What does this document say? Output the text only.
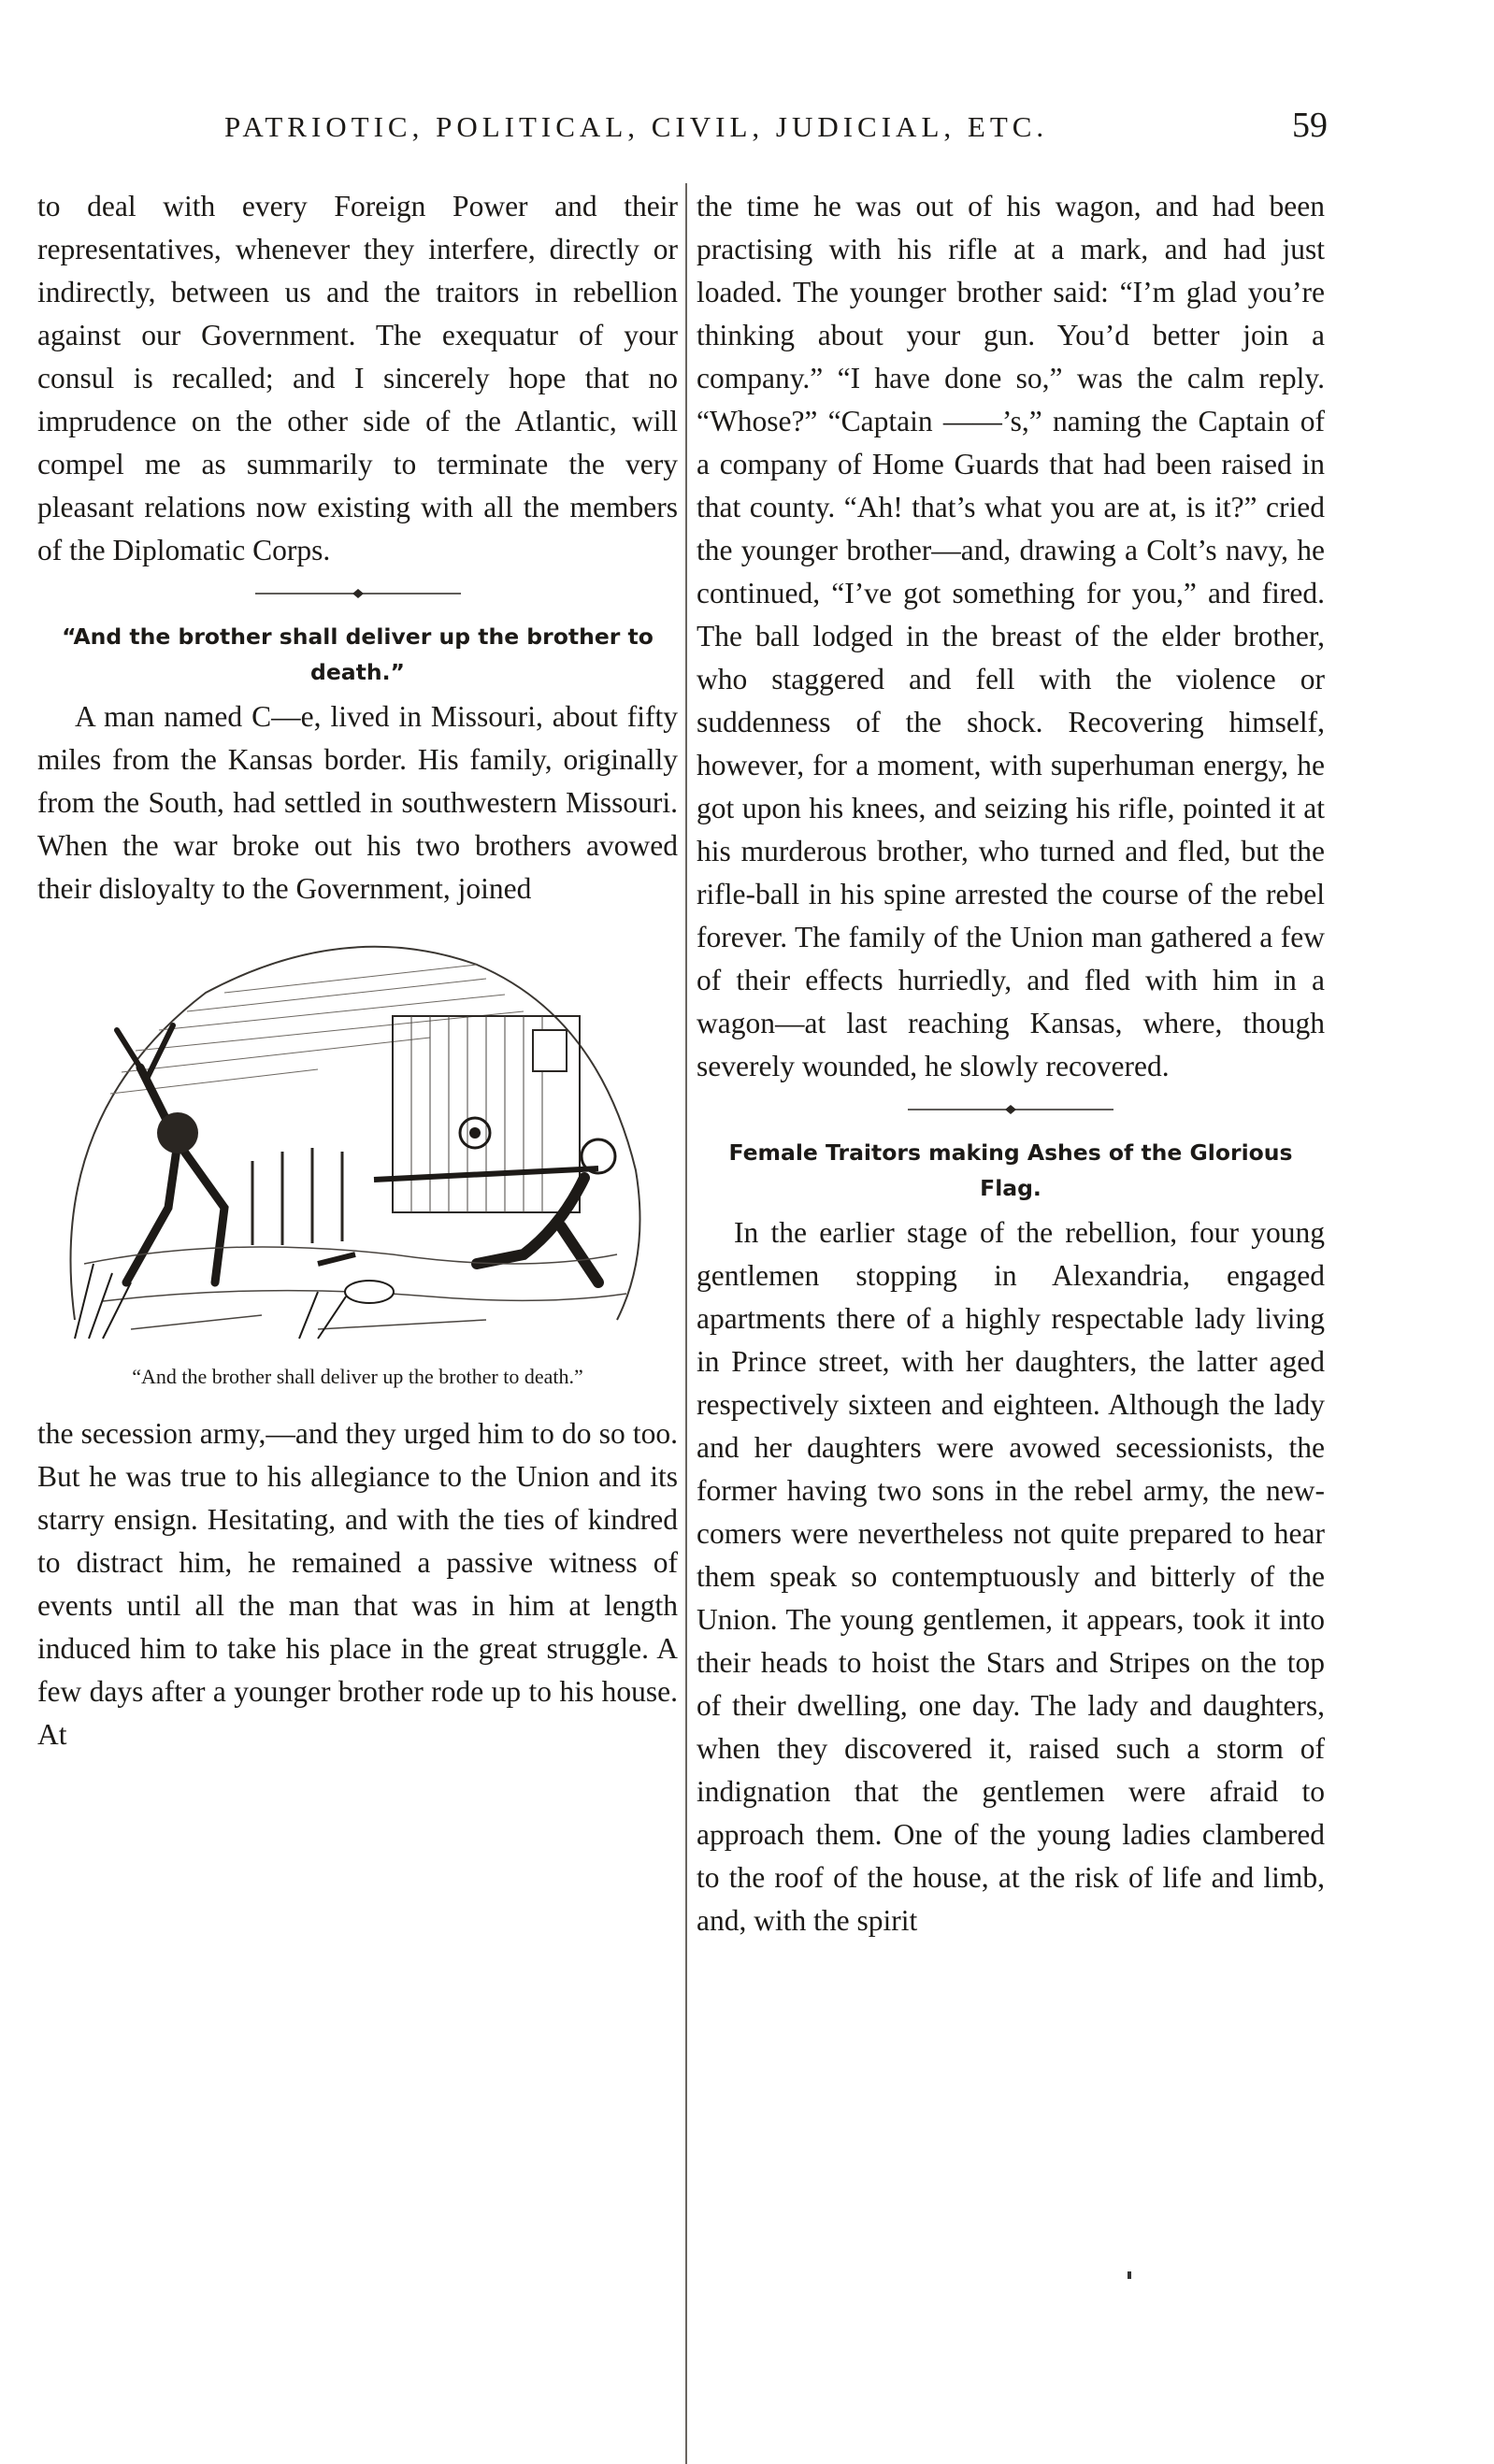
PATRIOTIC, POLITICAL, CIVIL, JUDICIAL, ETC.	59

to deal with every Foreign Power and their representatives, whenever they interfere, directly or indirectly, between us and the traitors in rebellion against our Government. The exequatur of your consul is recalled; and I sincerely hope that no imprudence on the other side of the Atlantic, will compel me as summarily to terminate the very pleasant relations now existing with all the members of the Diplomatic Corps.

“And the brother shall deliver up the brother to death.”

A man named C—e, lived in Missouri, about fifty miles from the Kansas border. His family, originally from the South, had settled in southwestern Missouri. When the war broke out his two brothers avowed their disloyalty to the Government, joined

“And the brother shall deliver up the brother to death.”

the secession army,—and they urged him to do so too. But he was true to his allegiance to the Union and its starry ensign. Hesitating, and with the ties of kindred to distract him, he remained a passive witness of events until all the man that was in him at length induced him to take his place in the great struggle. A few days after a younger brother rode up to his house. At

the time he was out of his wagon, and had been practising with his rifle at a mark, and had just loaded. The younger brother said: “I’m glad you’re thinking about your gun. You’d better join a company.” “I have done so,” was the calm reply. “Whose?” “Captain ——’s,” naming the Captain of a company of Home Guards that had been raised in that county. “Ah! that’s what you are at, is it?” cried the younger brother—and, drawing a Colt’s navy, he continued, “I’ve got something for you,” and fired. The ball lodged in the breast of the elder brother, who staggered and fell with the violence or suddenness of the shock. Recovering himself, however, for a moment, with superhuman energy, he got upon his knees, and seizing his rifle, pointed it at his murderous brother, who turned and fled, but the rifle-ball in his spine arrested the course of the rebel forever. The family of the Union man gathered a few of their effects hurriedly, and fled with him in a wagon—at last reaching Kansas, where, though severely wounded, he slowly recovered.

Female Traitors making Ashes of the Glorious Flag.

In the earlier stage of the rebellion, four young gentlemen stopping in Alexandria, engaged apartments there of a highly respectable lady living in Prince street, with her daughters, the latter aged respectively sixteen and eighteen. Although the lady and her daughters were avowed secessionists, the former having two sons in the rebel army, the new-comers were nevertheless not quite prepared to hear them speak so contemptuously and bitterly of the Union. The young gentlemen, it appears, took it into their heads to hoist the Stars and Stripes on the top of their dwelling, one day. The lady and daughters, when they discovered it, raised such a storm of indignation that the gentlemen were afraid to approach them. One of the young ladies clambered to the roof of the house, at the risk of life and limb, and, with the spirit
